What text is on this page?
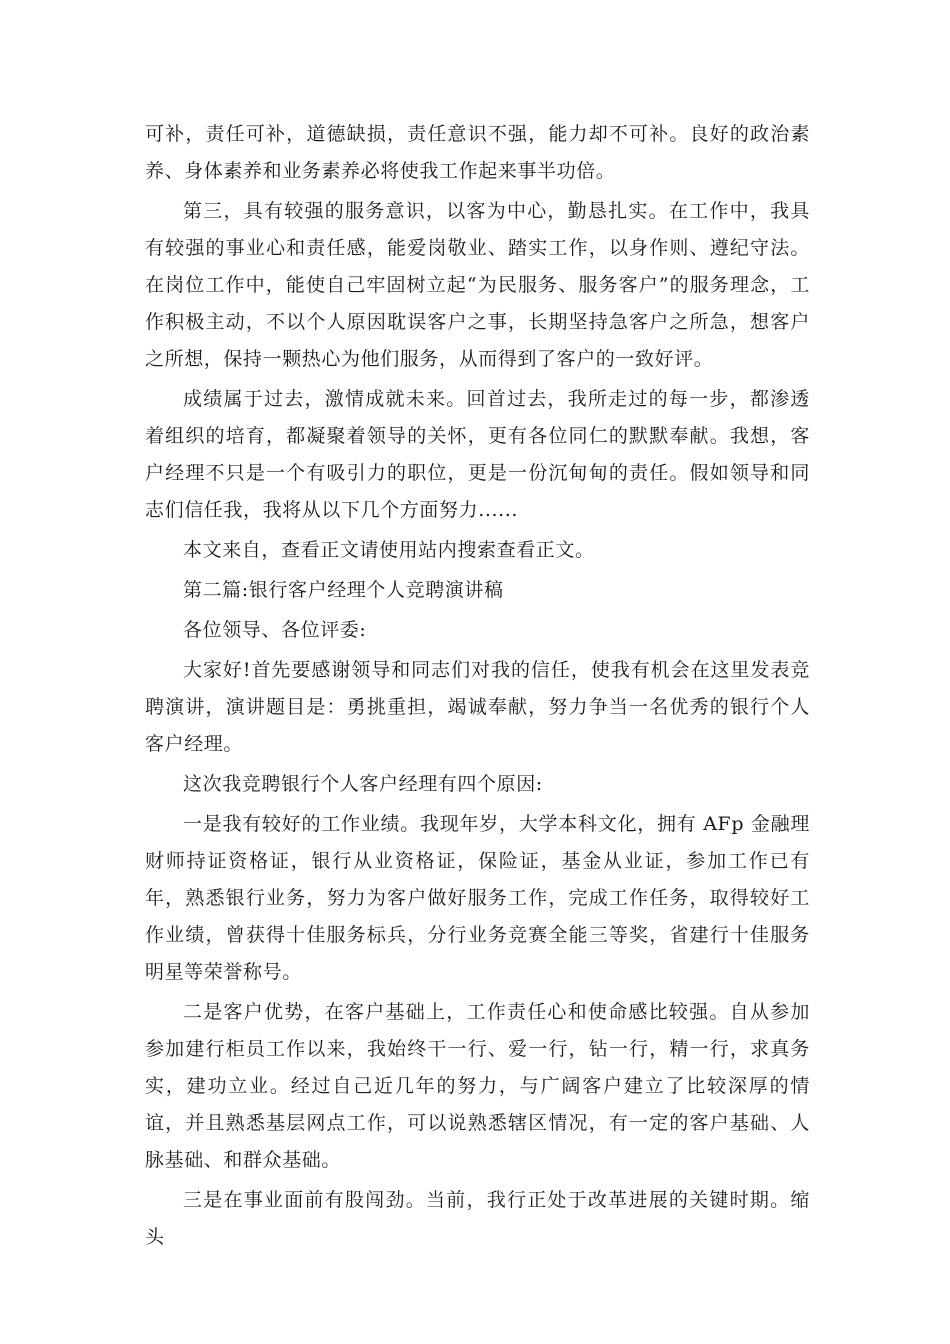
可补，责任可补，道德缺损，责任意识不强，能力却不可补。良好的政治素养、身体素养和业务素养必将使我工作起来事半功倍。

第三，具有较强的服务意识，以客为中心，勤恳扎实。在工作中，我具有较强的事业心和责任感，能爱岗敬业、踏实工作，以身作则、遵纪守法。在岗位工作中，能使自己牢固树立起“为民服务、服务客户”的服务理念，工作积极主动，不以个人原因耽误客户之事，长期坚持急客户之所急，想客户之所想，保持一颗热心为他们服务，从而得到了客户的一致好评。

成绩属于过去，激情成就未来。回首过去，我所走过的每一步，都渗透着组织的培育，都凝聚着领导的关怀，更有各位同仁的默默奉献。我想，客户经理不只是一个有吸引力的职位，更是一份沉甸甸的责任。假如领导和同志们信任我，我将从以下几个方面努力......

本文来自，查看正文请使用站内搜索查看正文。

第二篇:银行客户经理个人竞聘演讲稿

各位领导、各位评委:

大家好!首先要感谢领导和同志们对我的信任，使我有机会在这里发表竞聘演讲，演讲题目是：勇挑重担，竭诚奉献，努力争当一名优秀的银行个人客户经理。

这次我竞聘银行个人客户经理有四个原因:

一是我有较好的工作业绩。我现年岁，大学本科文化，拥有 AFp 金融理财师持证资格证，银行从业资格证，保险证，基金从业证，参加工作已有年，熟悉银行业务，努力为客户做好服务工作，完成工作任务，取得较好工作业绩，曾获得十佳服务标兵，分行业务竞赛全能三等奖，省建行十佳服务明星等荣誉称号。

二是客户优势，在客户基础上，工作责任心和使命感比较强。自从参加参加建行柜员工作以来，我始终干一行、爱一行，钻一行，精一行，求真务实，建功立业。经过自己近几年的努力，与广阔客户建立了比较深厚的情谊，并且熟悉基层网点工作，可以说熟悉辖区情况，有一定的客户基础、人脉基础、和群众基础。

三是在事业面前有股闯劲。当前，我行正处于改革进展的关键时期。缩头
